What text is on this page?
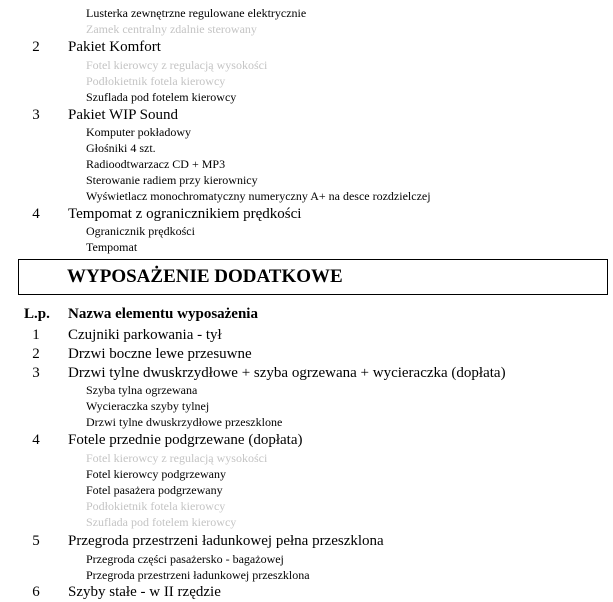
Lusterka zewnętrzne regulowane elektrycznie
Zamek centralny zdalnie sterowany
2	Pakiet Komfort
Fotel kierowcy z regulacją wysokości
Podłokietnik fotela kierowcy
Szuflada pod fotelem kierowcy
3	Pakiet WIP Sound
Komputer pokładowy
Głośniki 4 szt.
Radioodtwarzacz CD + MP3
Sterowanie radiem przy kierownicy
Wyświetlacz monochromatyczny numeryczny A+ na desce rozdzielczej
4	Tempomat z ogranicznikiem prędkości
Ogranicznik prędkości
Tempomat
WYPOSAŻENIE DODATKOWE
L.p. Nazwa elementu wyposażenia
1	Czujniki parkowania - tył
2	Drzwi boczne lewe przesuwne
3	Drzwi tylne dwuskrzydłowe + szyba ogrzewana + wycieraczka (dopłata)
Szyba tylna ogrzewana
Wycieraczka szyby tylnej
Drzwi tylne dwuskrzydłowe przeszklone
4	Fotele przednie podgrzewane (dopłata)
Fotel kierowcy z regulacją wysokości
Fotel kierowcy podgrzewany
Fotel pasażera podgrzewany
Podłokietnik fotela kierowcy
Szuflada pod fotelem kierowcy
5	Przegroda przestrzeni ładunkowej pełna przeszklona
Przegroda części pasażersko - bagażowej
Przegroda przestrzeni ładunkowej przeszklona
6	Szyby stałe - w II rzędzie
